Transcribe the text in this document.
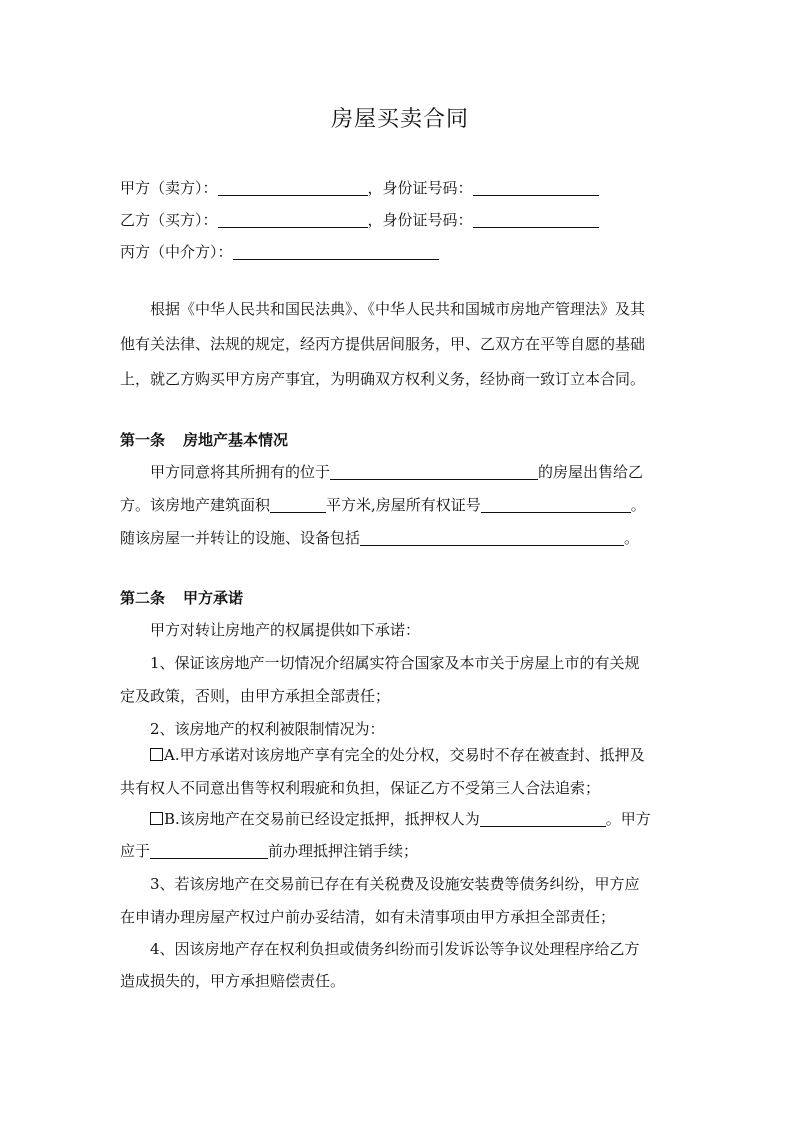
房屋买卖合同
甲方（卖方）：	，身份证号码：
乙方（买方）：	，身份证号码：
丙方（中介方）：
根据《中华人民共和国民法典》、《中华人民共和国城市房地产管理法》及其
他有关法律、法规的规定，经丙方提供居间服务，甲、乙双方在平等自愿的基础
上，就乙方购买甲方房产事宜，为明确双方权利义务，经协商一致订立本合同。
第一条 房地产基本情况
甲方同意将其所拥有的位于	的房屋出售给乙
方。该房地产建筑面积	平方米,房屋所有权证号	。
随该房屋一并转让的设施、设备包括	。
第二条 甲方承诺
甲方对转让房地产的权属提供如下承诺：
1、保证该房地产一切情况介绍属实符合国家及本市关于房屋上市的有关规
定及政策，否则，由甲方承担全部责任；
2、该房地产的权利被限制情况为：
A.甲方承诺对该房地产享有完全的处分权，交易时不存在被查封、抵押及
共有权人不同意出售等权利瑕疵和负担，保证乙方不受第三人合法追索；
B.该房地产在交易前已经设定抵押，抵押权人为	。甲方
应于	前办理抵押注销手续；
3、若该房地产在交易前已存在有关税费及设施安装费等债务纠纷，甲方应
在申请办理房屋产权过户前办妥结清，如有未清事项由甲方承担全部责任；
4、因该房地产存在权利负担或债务纠纷而引发诉讼等争议处理程序给乙方
造成损失的，甲方承担赔偿责任。
